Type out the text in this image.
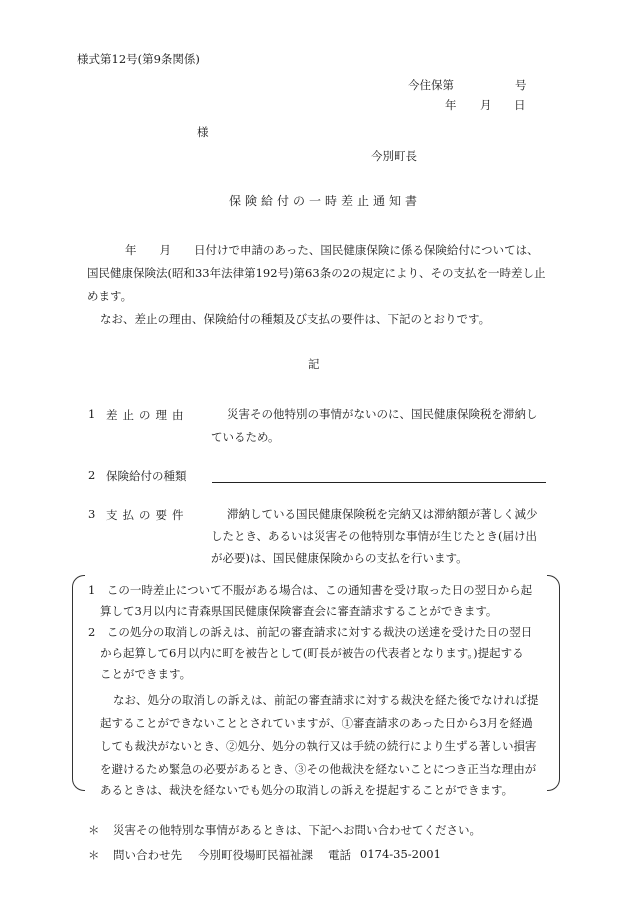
様式第12号(第9条関係)
今住保第	号
年 月 日
様
今別町長
保険給付の一時差止通知書
年　　月　　日付けで申請のあった、国民健康保険に係る保険給付については、
国民健康保険法(昭和33年法律第192号)第63条の2の規定により、その支払を一時差し止
めます。
なお、差止の理由、保険給付の種類及び支払の要件は、下記のとおりです。
記
1 差止の理由	災害その他特別の事情がないのに、国民健康保険税を滞納し
ているため。
2 保険給付の種類
3 支払の要件	滞納している国民健康保険税を完納又は滞納額が著しく減少
したとき、あるいは災害その他特別な事情が生じたとき(届け出
が必要)は、国民健康保険からの支払を行います。
1　この一時差止について不服がある場合は、この通知書を受け取った日の翌日から起
算して3月以内に青森県国民健康保険審査会に審査請求することができます。
2　この処分の取消しの訴えは、前記の審査請求に対する裁決の送達を受けた日の翌日
から起算して6月以内に町を被告として(町長が被告の代表者となります。)提起する
ことができます。
なお、処分の取消しの訴えは、前記の審査請求に対する裁決を経た後でなければ提
起することができないこととされていますが、①審査請求のあった日から3月を経過
しても裁決がないとき、②処分、処分の執行又は手続の続行により生ずる著しい損害
を避けるため緊急の必要があるとき、③その他裁決を経ないことにつき正当な理由が
あるときは、裁決を経ないでも処分の取消しの訴えを提起することができます。
＊ 災害その他特別な事情があるときは、下記へお問い合わせてください。
＊ 問い合わせ先 今別町役場町民福祉課 電話 0174-35-2001
